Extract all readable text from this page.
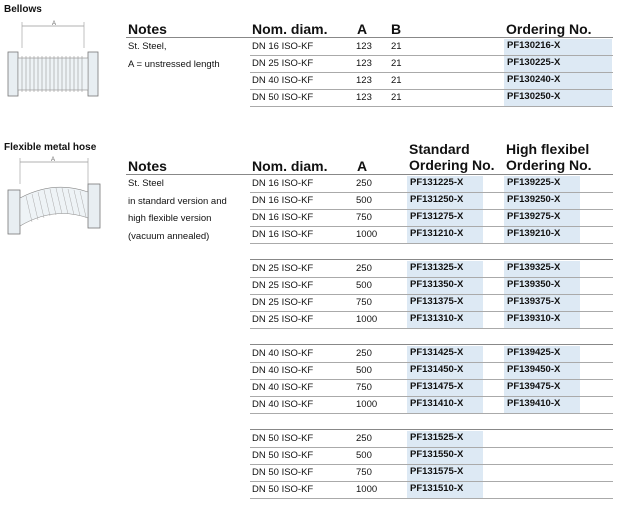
Bellows
A	Notes	Nom. diam. A B	Ordering No.
St. Steel,
A = unstressed length
DN 16 ISO-KF	123 21	PF130216-X
DN 25 ISO-KF	123 21	PF130225-X
DN 40 ISO-KF	123 21	PF130240-X
DN 50 ISO-KF	123 21	PF130250-X
Flexible metal hose
A
Standard	High flexibel
Notes	Nom. diam. A	Ordering No. Ordering No.
St. Steel
in standard version and
high flexible version
(vacuum annealed)
DN 16 ISO-KF	250	PF131225-X	PF139225-X
DN 16 ISO-KF	500	PF131250-X	PF139250-X
DN 16 ISO-KF	750	PF131275-X	PF139275-X
DN 16 ISO-KF	1000	PF131210-X	PF139210-X
DN 25 ISO-KF	250	PF131325-X	PF139325-X
DN 25 ISO-KF	500	PF131350-X	PF139350-X
DN 25 ISO-KF	750	PF131375-X	PF139375-X
DN 25 ISO-KF	1000	PF131310-X	PF139310-X
DN 40 ISO-KF	250	PF131425-X	PF139425-X
DN 40 ISO-KF	500	PF131450-X	PF139450-X
DN 40 ISO-KF	750	PF131475-X	PF139475-X
DN 40 ISO-KF	1000	PF131410-X	PF139410-X
DN 50 ISO-KF	250	PF131525-X
DN 50 ISO-KF	500	PF131550-X
DN 50 ISO-KF	750	PF131575-X
DN 50 ISO-KF	1000	PF131510-X
